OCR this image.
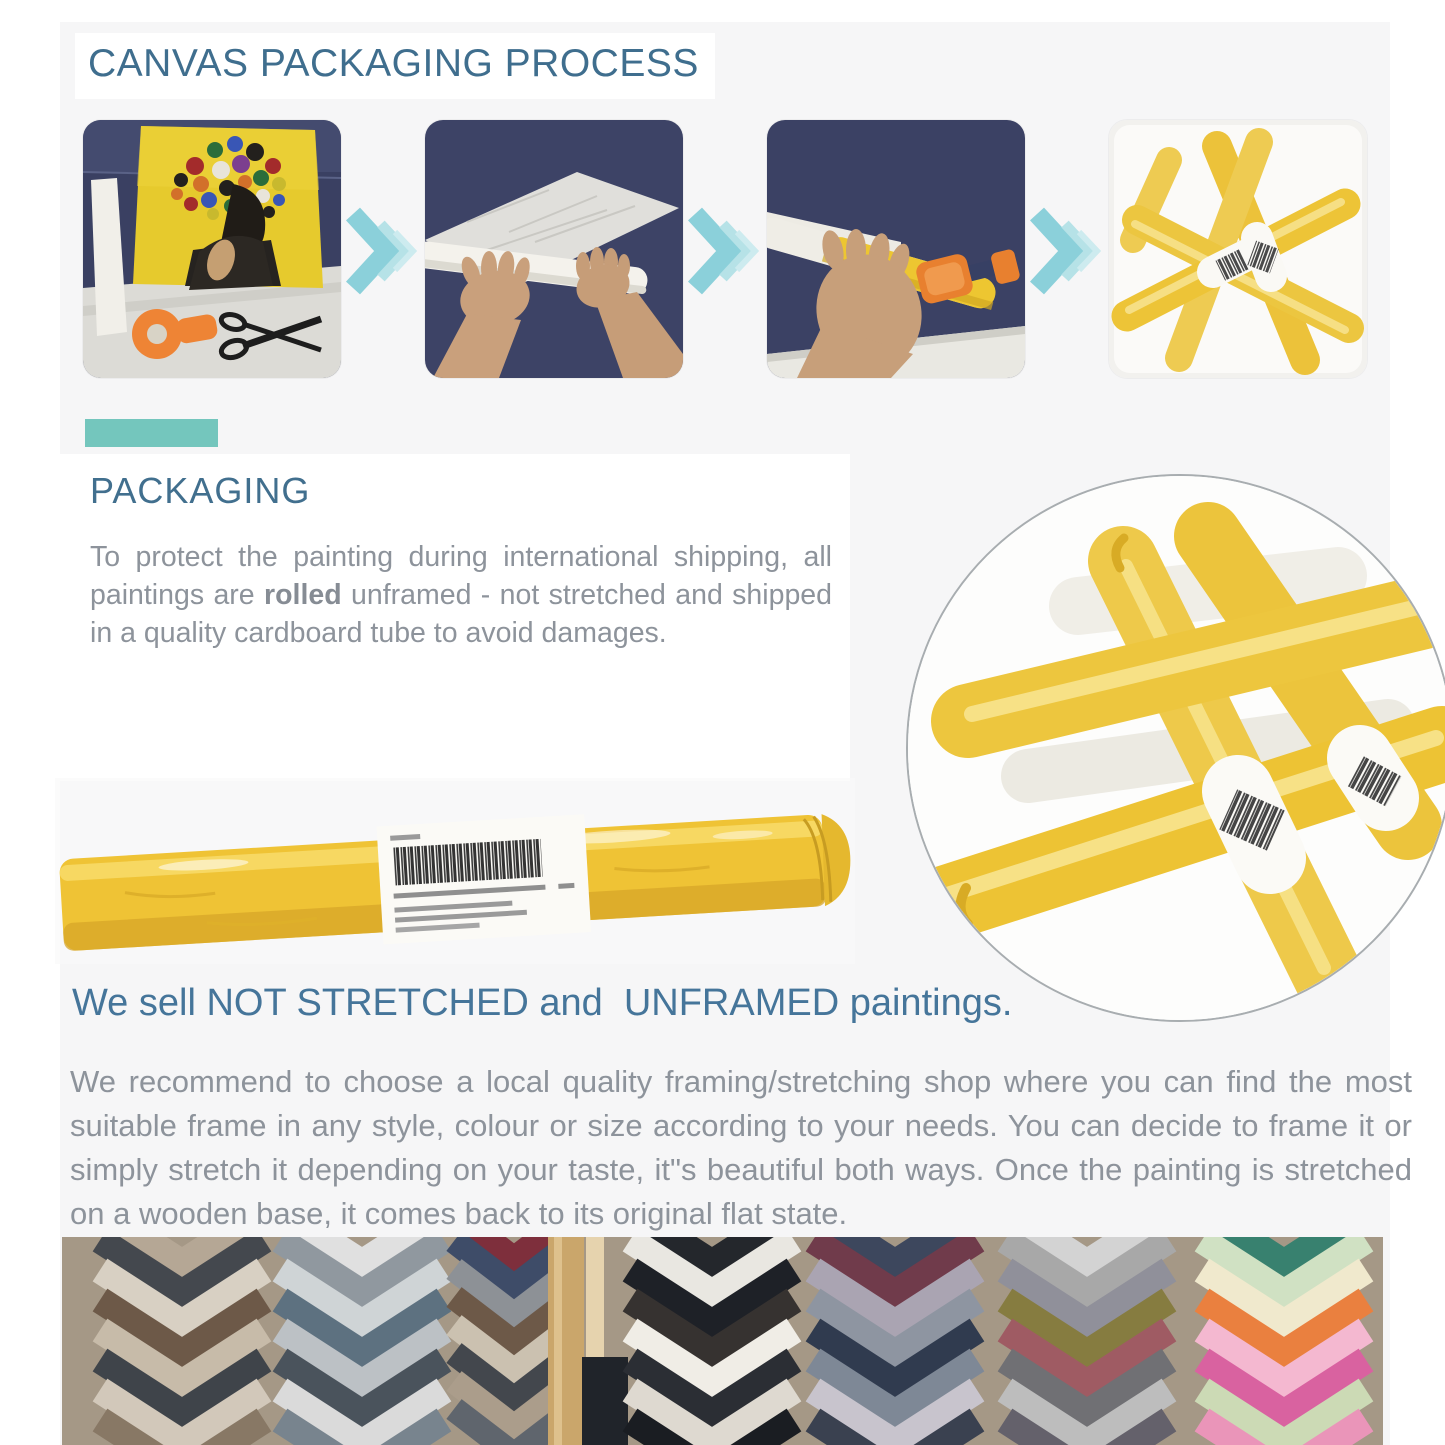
CANVAS PACKAGING PROCESS
PACKAGING
To protect the painting during international shipping, all paintings are rolled unframed - not stretched and shipped in a quality cardboard tube to avoid damages.
We sell NOT STRETCHED and  UNFRAMED paintings.
We recommend to choose a local quality framing/stretching shop where you can find the most suitable frame in any style, colour or size according to your needs. You can decide to frame it or simply stretch it depending on your taste, it"s beautiful both ways. Once the painting is stretched on a wooden base, it comes back to its original flat state.
